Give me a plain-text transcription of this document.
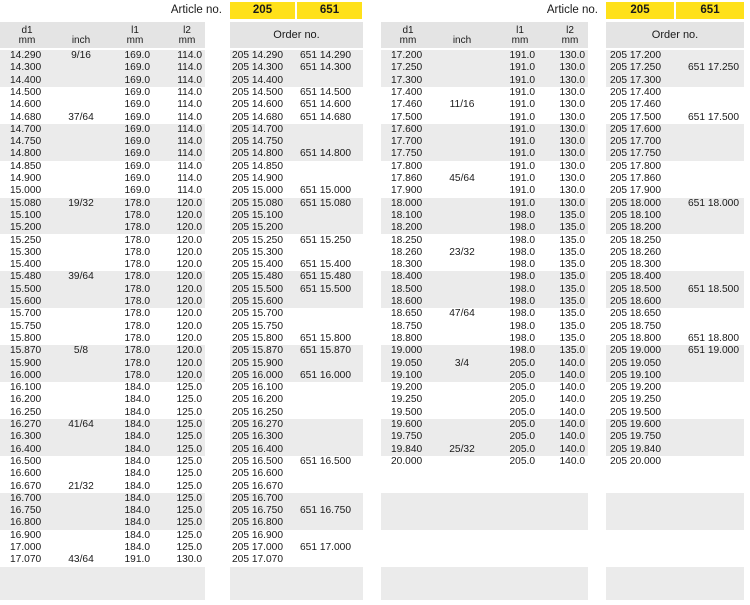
Article no.	205	651
d1
mm	inch
l1
mm
l2
mm	Order no.
14.290	9/16	169.0	114.0	205 14.290	651 14.290
14.300	169.0	114.0	205 14.300	651 14.300
14.400	169.0	114.0	205 14.400
14.500	169.0	114.0	205 14.500	651 14.500
14.600	169.0	114.0	205 14.600	651 14.600
14.680	37/64	169.0	114.0	205 14.680	651 14.680
14.700	169.0	114.0	205 14.700
14.750	169.0	114.0	205 14.750
14.800	169.0	114.0	205 14.800	651 14.800
14.850	169.0	114.0	205 14.850
14.900	169.0	114.0	205 14.900
15.000	169.0	114.0	205 15.000	651 15.000
15.080	19/32	178.0	120.0	205 15.080	651 15.080
15.100	178.0	120.0	205 15.100
15.200	178.0	120.0	205 15.200
15.250	178.0	120.0	205 15.250	651 15.250
15.300	178.0	120.0	205 15.300
15.400	178.0	120.0	205 15.400	651 15.400
15.480	39/64	178.0	120.0	205 15.480	651 15.480
15.500	178.0	120.0	205 15.500	651 15.500
15.600	178.0	120.0	205 15.600
15.700	178.0	120.0	205 15.700
15.750	178.0	120.0	205 15.750
15.800	178.0	120.0	205 15.800	651 15.800
15.870	5/8	178.0	120.0	205 15.870	651 15.870
15.900	178.0	120.0	205 15.900
16.000	178.0	120.0	205 16.000	651 16.000
16.100	184.0	125.0	205 16.100
16.200	184.0	125.0	205 16.200
16.250	184.0	125.0	205 16.250
16.270	41/64	184.0	125.0	205 16.270
16.300	184.0	125.0	205 16.300
16.400	184.0	125.0	205 16.400
16.500	184.0	125.0	205 16.500	651 16.500
16.600	184.0	125.0	205 16.600
16.670	21/32	184.0	125.0	205 16.670
16.700	184.0	125.0	205 16.700
16.750	184.0	125.0	205 16.750	651 16.750
16.800	184.0	125.0	205 16.800
16.900	184.0	125.0	205 16.900
17.000	184.0	125.0	205 17.000	651 17.000
17.070	43/64	191.0	130.0	205 17.070
Article no.	205	651
d1
mm	inch
l1
mm
l2
mm	Order no.
17.200	191.0	130.0 205 17.200
17.250	191.0	130.0 205 17.250	651 17.250
17.300	191.0	130.0 205 17.300
17.400	191.0	130.0 205 17.400
17.460	11/16	191.0	130.0 205 17.460
17.500	191.0	130.0 205 17.500	651 17.500
17.600	191.0	130.0 205 17.600
17.700	191.0	130.0 205 17.700
17.750	191.0	130.0 205 17.750
17.800	191.0	130.0 205 17.800
17.860	45/64	191.0	130.0 205 17.860
17.900	191.0	130.0 205 17.900
18.000	191.0	130.0 205 18.000	651 18.000
18.100	198.0	135.0 205 18.100
18.200	198.0	135.0 205 18.200
18.250	198.0	135.0 205 18.250
18.260	23/32	198.0	135.0 205 18.260
18.300	198.0	135.0 205 18.300
18.400	198.0	135.0 205 18.400
18.500	198.0	135.0 205 18.500	651 18.500
18.600	198.0	135.0 205 18.600
18.650	47/64	198.0	135.0 205 18.650
18.750	198.0	135.0 205 18.750
18.800	198.0	135.0 205 18.800	651 18.800
19.000	198.0	135.0 205 19.000	651 19.000
19.050	3/4	205.0	140.0 205 19.050
19.100	205.0	140.0 205 19.100
19.200	205.0	140.0 205 19.200
19.250	205.0	140.0 205 19.250
19.500	205.0	140.0 205 19.500
19.600	205.0	140.0 205 19.600
19.750	205.0	140.0 205 19.750
19.840	25/32	205.0	140.0 205 19.840
20.000	205.0	140.0 205 20.000
